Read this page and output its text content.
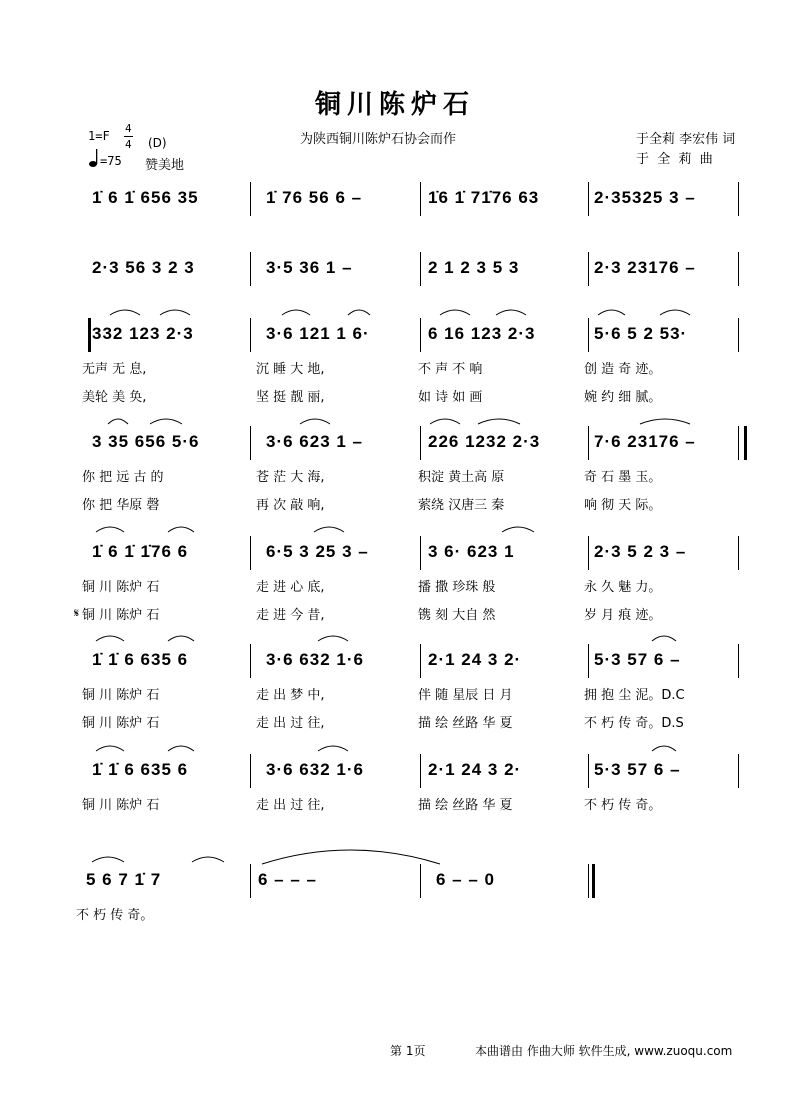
铜川陈炉石
为陕西铜川陈炉石协会而作	于全莉 李宏伟 词
于  全  莉  曲
1=F
4
4 (D)
=75 赞美地
1̇ 6 1̇ 656 35	1̇ 76 56 6 –	1̇6 1̇ 71̇76 63	2·35325 3 –
2·3 56 3 2 3	3·5 36 1 –	2 1 2 3 5 3	2·3 23176 –
332 123 2·3	3·6 121 1 6·	6 16 123 2·3	5·6 5 2 53·
无声 无 息,	沉 睡 大 地,	不 声 不 响	创 造 奇 迹。
美轮 美 奂,	坚 挺 靓 丽,	如 诗 如 画	婉 约 细 腻。
3 35 656 5·6	3·6 623 1 –	226 1232 2·3	7·6 23176 –
你 把 远 古 的	苍 茫 大 海,	积淀 黄土高 原	奇 石 墨 玉。
你 把 华原 磬	再 次 敲 响,	萦绕 汉唐三 秦	响 彻 天 际。
1̇ 6 1̇ 1̇76 6	6·5 3 25 3 –	3 6· 623 1	2·3 5 2 3 –
铜 川 陈炉 石	走 进 心 底,	播 撒 珍珠 般	永 久 魅 力。
铜 川 陈炉 石	走 进 今 昔,	镌 刻 大自 然	岁 月 痕 迹。
1̇ 1̇ 6 635 6	3·6 632 1·6	2·1 24 3 2·	5·3 57 6 –
铜 川 陈炉 石	走 出 梦 中,	伴 随 星辰 日 月	拥 抱 尘 泥。D.C
铜 川 陈炉 石	走 出 过 往,	描 绘 丝路 华 夏	不 朽 传 奇。D.S
1̇ 1̇ 6 635 6	3·6 632 1·6	2·1 24 3 2·	5·3 57 6 –
铜 川 陈炉 石	走 出 过 往,	描 绘 丝路 华 夏	不 朽 传 奇。
5 6 7 1̇ 7	6 – – –	6 – – 0
不 朽 传 奇。
𝄋
第 1页	本曲谱由 作曲大师 软件生成, www.zuoqu.com
